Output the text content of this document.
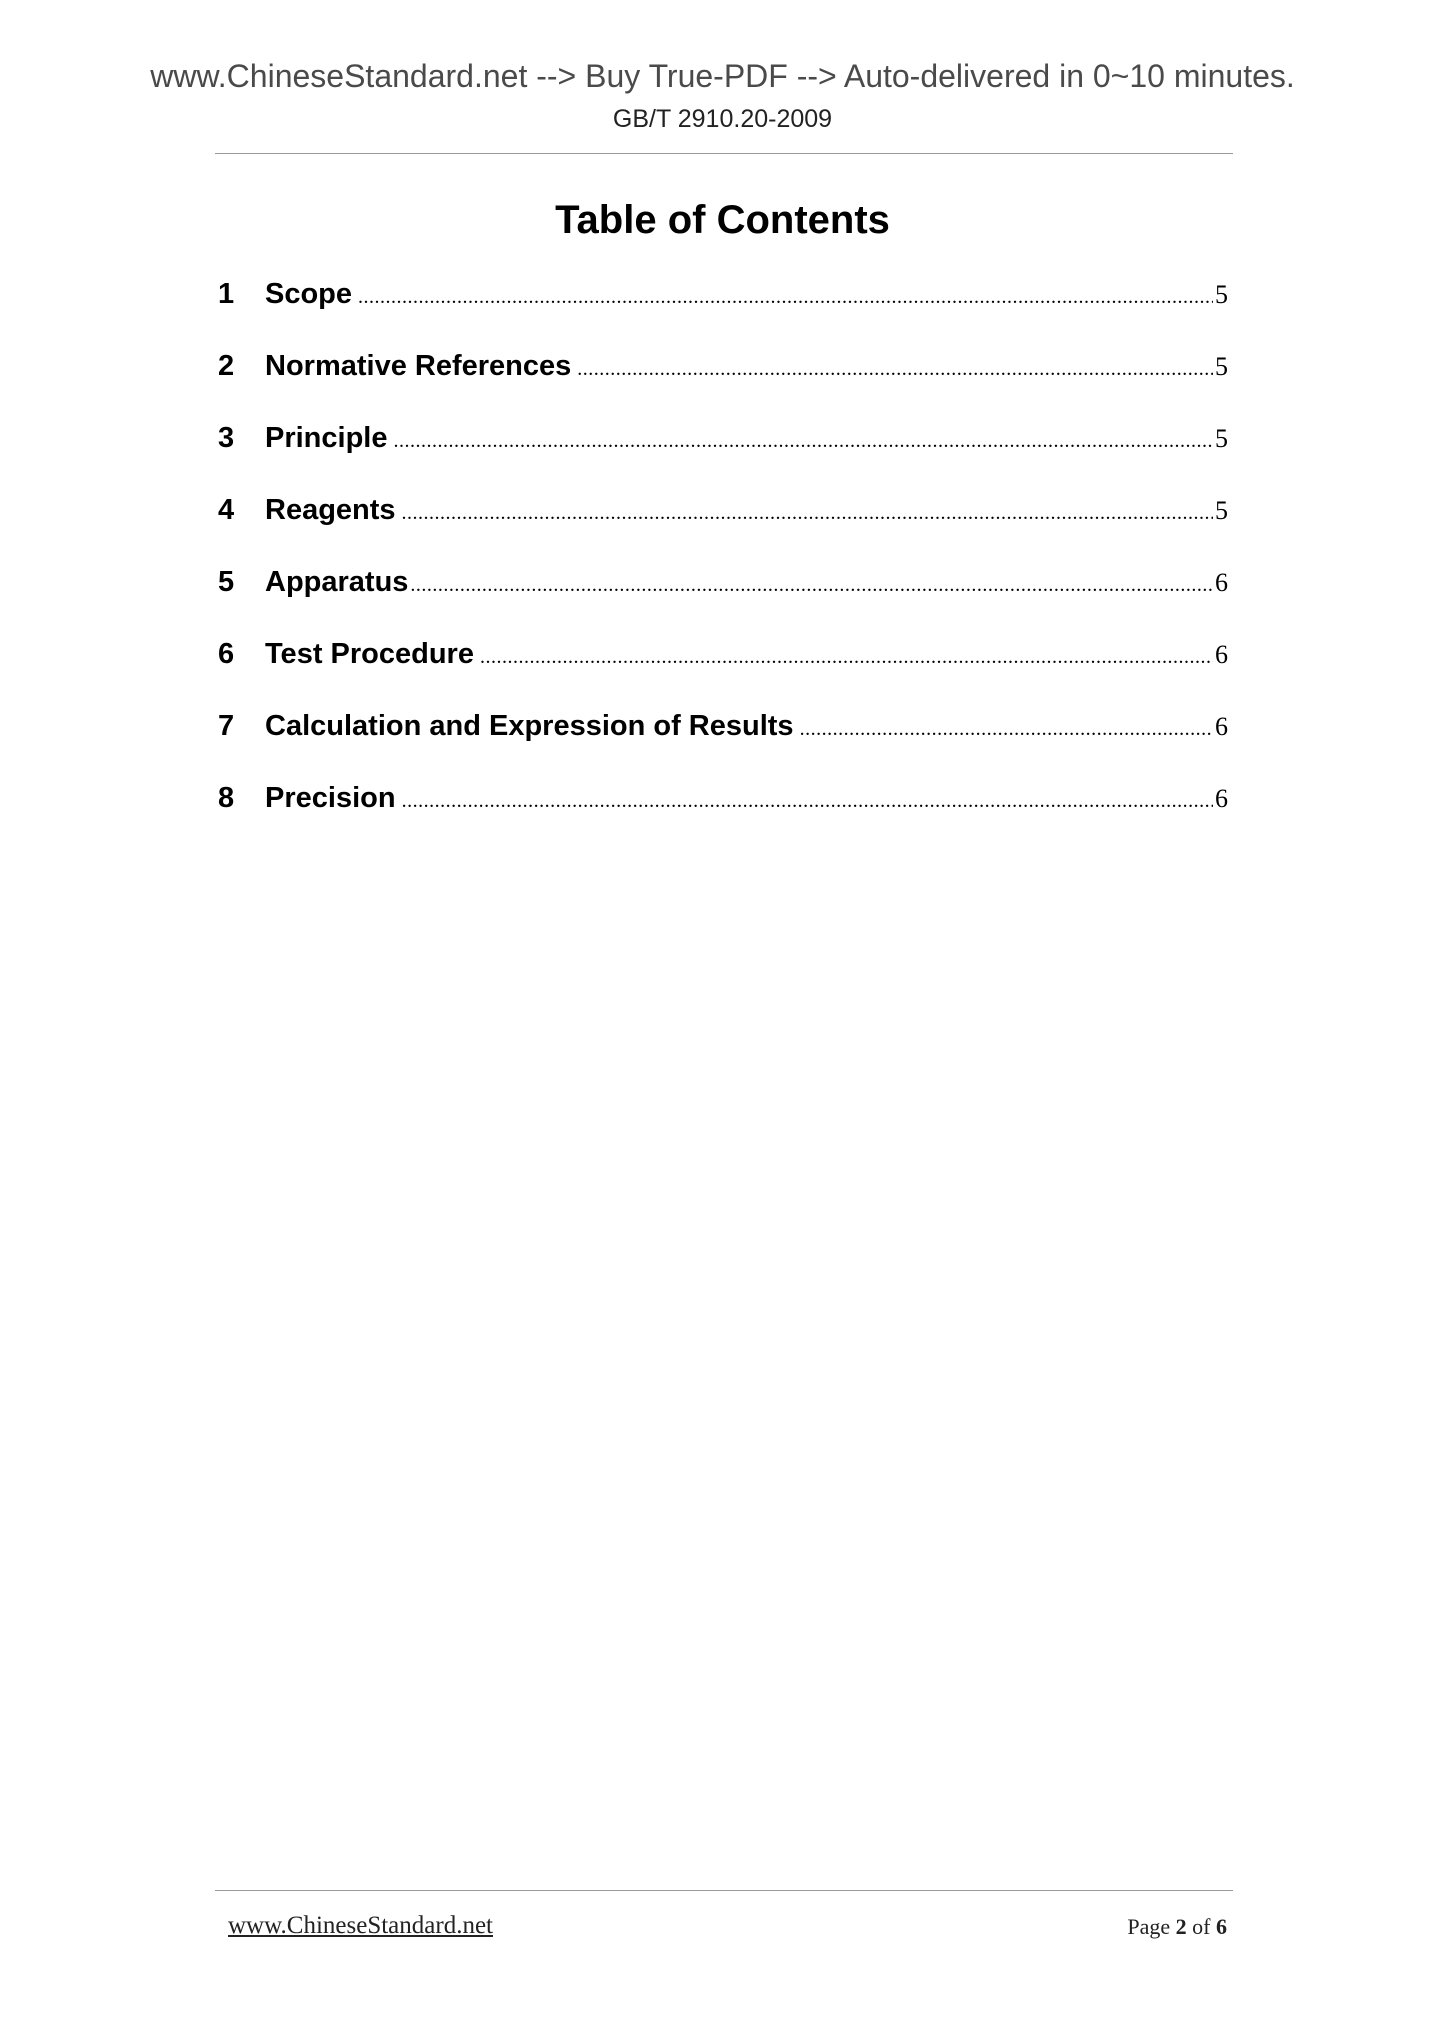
www.ChineseStandard.net --> Buy True-PDF --> Auto-delivered in 0~10 minutes.
GB/T 2910.20-2009
Table of Contents
1	Scope .....	5
2	Normative References .....	5
3	Principle .....	5
4	Reagents .....	5
5	Apparatus .....	6
6	Test Procedure .....	6
7	Calculation and Expression of Results .....	6
8	Precision .....	6
www.ChineseStandard.net	Page 2 of 6
